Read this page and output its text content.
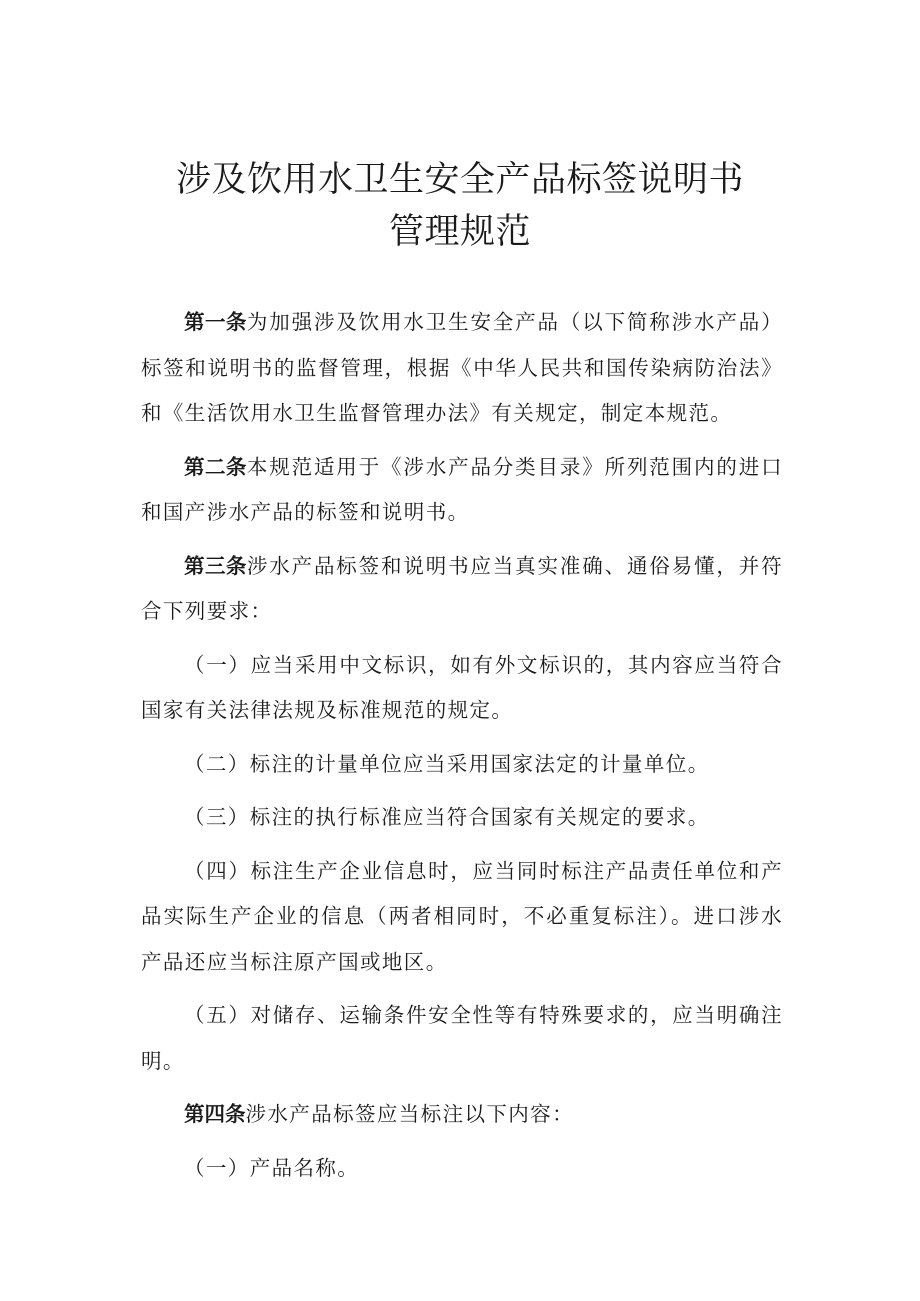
涉及饮用水卫生安全产品标签说明书
管理规范

第一条为加强涉及饮用水卫生安全产品（以下简称涉水产品）标签和说明书的监督管理，根据《中华人民共和国传染病防治法》和《生活饮用水卫生监督管理办法》有关规定，制定本规范。

第二条本规范适用于《涉水产品分类目录》所列范围内的进口和国产涉水产品的标签和说明书。

第三条涉水产品标签和说明书应当真实准确、通俗易懂，并符合下列要求：

（一）应当采用中文标识，如有外文标识的，其内容应当符合国家有关法律法规及标准规范的规定。

（二）标注的计量单位应当采用国家法定的计量单位。

（三）标注的执行标准应当符合国家有关规定的要求。

（四）标注生产企业信息时，应当同时标注产品责任单位和产品实际生产企业的信息（两者相同时，不必重复标注）。进口涉水产品还应当标注原产国或地区。

（五）对储存、运输条件安全性等有特殊要求的，应当明确注明。

第四条涉水产品标签应当标注以下内容：

（一）产品名称。
